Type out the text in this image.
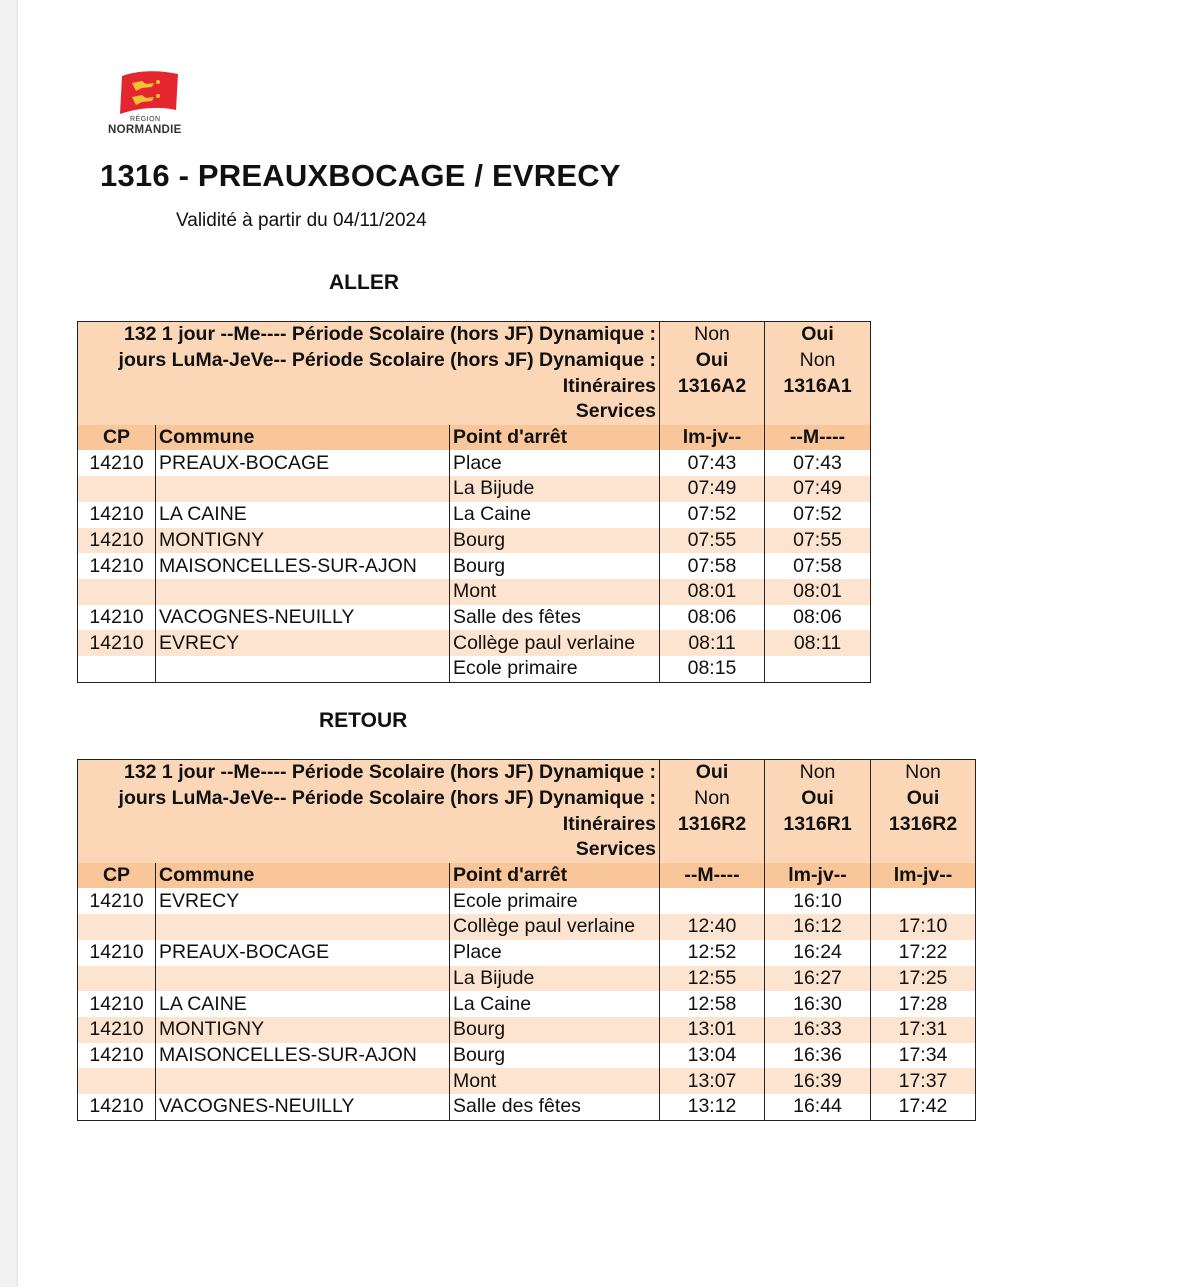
RÉGION
NORMANDIE
1316 - PREAUXBOCAGE / EVRECY
Validité à partir du 04/11/2024
ALLER
132 1 jour --Me---- Période Scolaire (hors JF) Dynamique :			Non	Oui
jours LuMa-JeVe-- Période Scolaire (hors JF) Dynamique :			Oui	Non
Itinéraires			1316A2	1316A1
Services				
CP	Commune	Point d'arrêt	lm-jv--	--M----
14210	PREAUX-BOCAGE	Place	07:43	07:43
		La Bijude	07:49	07:49
14210	LA CAINE	La Caine	07:52	07:52
14210	MONTIGNY	Bourg	07:55	07:55
14210	MAISONCELLES-SUR-AJON	Bourg	07:58	07:58
		Mont	08:01	08:01
14210	VACOGNES-NEUILLY	Salle des fêtes	08:06	08:06
14210	EVRECY	Collège paul verlaine	08:11	08:11
		Ecole primaire	08:15	
RETOUR
132 1 jour --Me---- Période Scolaire (hors JF) Dynamique :			Oui	Non	Non
jours LuMa-JeVe-- Période Scolaire (hors JF) Dynamique :			Non	Oui	Oui
Itinéraires			1316R2	1316R1	1316R2
Services					
CP	Commune	Point d'arrêt	--M----	lm-jv--	lm-jv--
14210	EVRECY	Ecole primaire		16:10	
		Collège paul verlaine	12:40	16:12	17:10
14210	PREAUX-BOCAGE	Place	12:52	16:24	17:22
		La Bijude	12:55	16:27	17:25
14210	LA CAINE	La Caine	12:58	16:30	17:28
14210	MONTIGNY	Bourg	13:01	16:33	17:31
14210	MAISONCELLES-SUR-AJON	Bourg	13:04	16:36	17:34
		Mont	13:07	16:39	17:37
14210	VACOGNES-NEUILLY	Salle des fêtes	13:12	16:44	17:42
